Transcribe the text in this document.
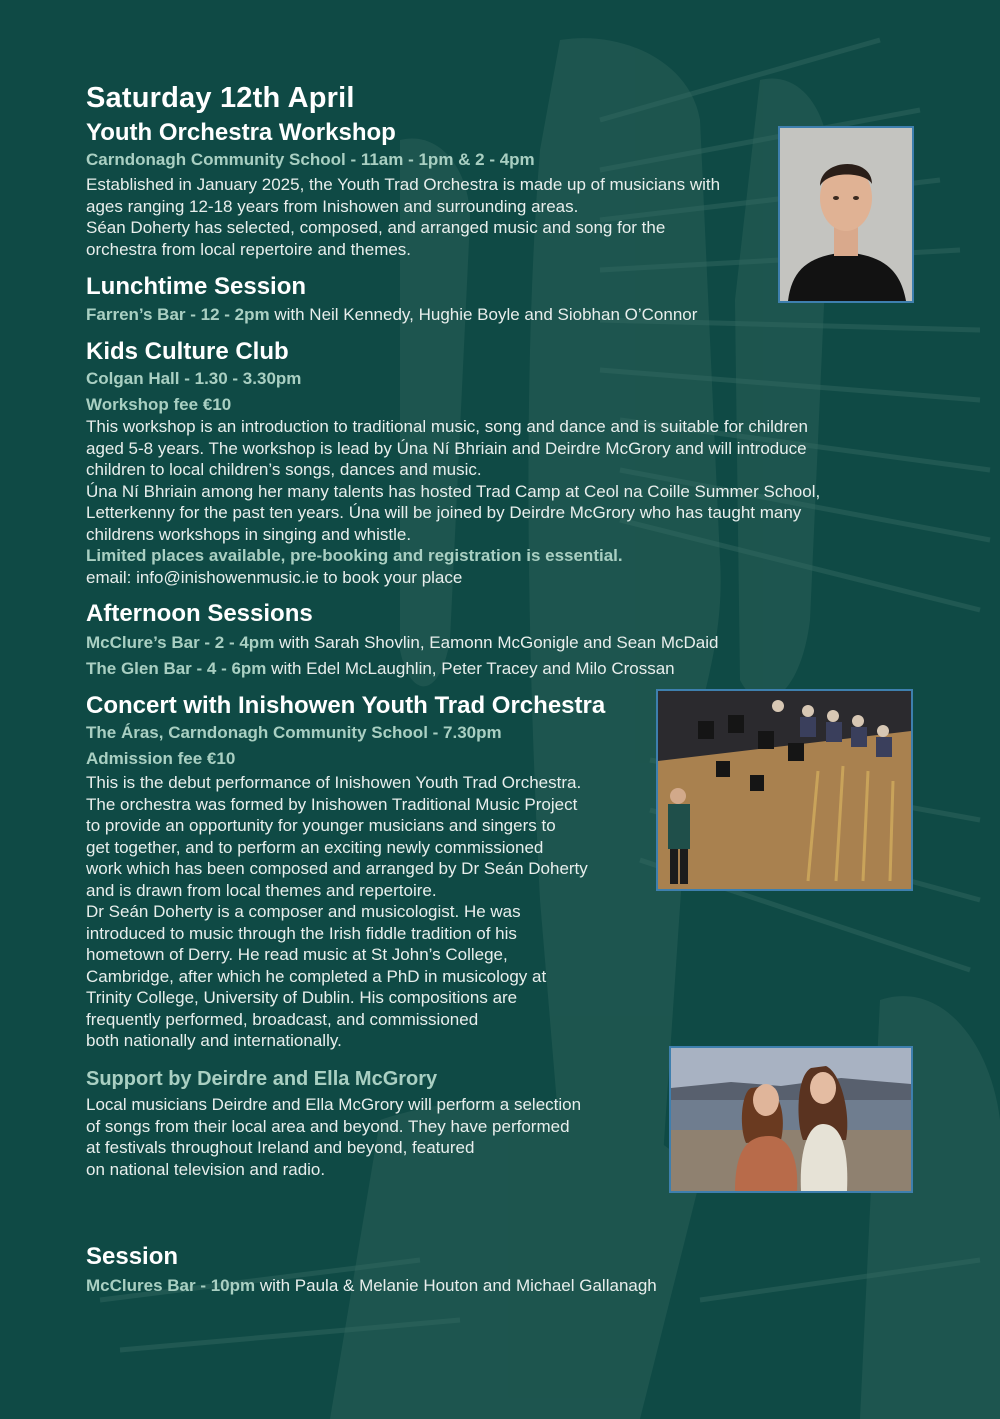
Saturday 12th April
Youth Orchestra Workshop
Carndonagh Community School - 11am - 1pm & 2 - 4pm
Established in January 2025, the Youth Trad Orchestra is made up of musicians with
ages ranging 12-18 years from Inishowen and surrounding areas.
Séan Doherty has selected, composed, and arranged music and song for the
orchestra from local repertoire and themes.
Lunchtime Session
Farren’s Bar - 12 - 2pm with Neil Kennedy, Hughie Boyle and Siobhan O’Connor
Kids Culture Club
Colgan Hall - 1.30 - 3.30pm
Workshop fee €10
This workshop is an introduction to traditional music, song and dance and is suitable for children
aged 5-8 years. The workshop is lead by Úna Ní Bhriain and Deirdre McGrory and will introduce
children to local children’s songs, dances and music.
Úna Ní Bhriain among her many talents has hosted Trad Camp at Ceol na Coille Summer School,
Letterkenny for the past ten years. Úna will be joined by Deirdre McGrory who has taught many
childrens workshops in singing and whistle.
Limited places available, pre-booking and registration is essential.
email: info@inishowenmusic.ie to book your place
Afternoon Sessions
McClure’s Bar - 2 - 4pm with Sarah Shovlin, Eamonn McGonigle and Sean McDaid
The Glen Bar - 4 - 6pm with Edel McLaughlin, Peter Tracey and Milo Crossan
Concert with Inishowen Youth Trad Orchestra
The Áras, Carndonagh Community School - 7.30pm
Admission fee €10
This is the debut performance of Inishowen Youth Trad Orchestra.
The orchestra was formed by Inishowen Traditional Music Project
to provide an opportunity for younger musicians and singers to
get together, and to perform an exciting newly commissioned
work which has been composed and arranged by Dr Seán Doherty
and is drawn from local themes and repertoire.
Dr Seán Doherty is a composer and musicologist. He was
introduced to music through the Irish fiddle tradition of his
hometown of Derry. He read music at St John’s College,
Cambridge, after which he completed a PhD in musicology at
Trinity College, University of Dublin. His compositions are
frequently performed, broadcast, and commissioned
both nationally and internationally.
Support by Deirdre and Ella McGrory
Local musicians Deirdre and Ella McGrory will perform a selection
of songs from their local area and beyond. They have performed
at festivals throughout Ireland and beyond, featured
on national television and radio.
Session
McClures Bar - 10pm with Paula & Melanie Houton and Michael Gallanagh
